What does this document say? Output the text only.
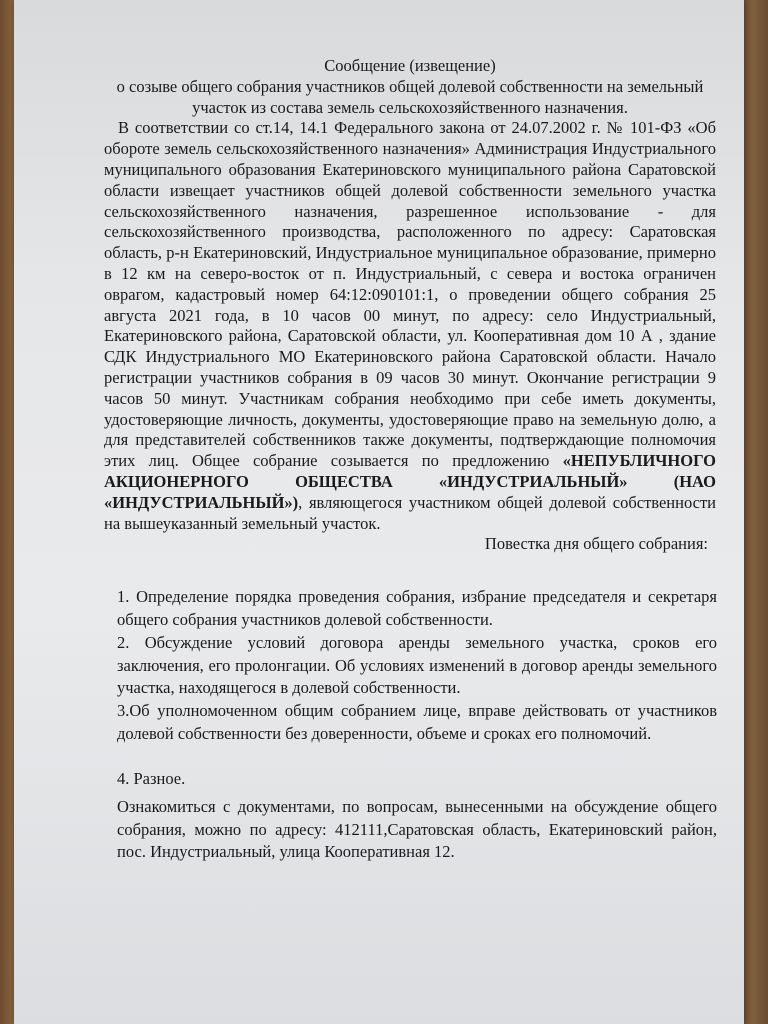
Сообщение (извещение)

о созыве общего собрания участников общей долевой собственности на земельный участок из состава земель сельскохозяйственного назначения.

В соответствии со ст.14, 14.1 Федерального закона от 24.07.2002 г. № 101-ФЗ «Об обороте земель сельскохозяйственного назначения» Администрация Индустриального муниципального образования Екатериновского муниципального района Саратовской области извещает участников общей долевой собственности земельного участка сельскохозяйственного назначения, разрешенное использование - для сельскохозяйственного производства, расположенного по адресу: Саратовская область, р-н Екатериновский, Индустриальное муниципальное образование, примерно в 12 км на северо-восток от п. Индустриальный, с севера и востока ограничен оврагом, кадастровый номер 64:12:090101:1, о проведении общего собрания 25 августа 2021 года, в 10 часов 00 минут, по адресу: село Индустриальный, Екатериновского района, Саратовской области, ул. Кооперативная дом 10 А , здание СДК Индустриального МО Екатериновского района Саратовской области. Начало регистрации участников собрания в 09 часов 30 минут. Окончание регистрации 9 часов 50 минут. Участникам собрания необходимо при себе иметь документы, удостоверяющие личность, документы, удостоверяющие право на земельную долю, а для представителей собственников также документы, подтверждающие полномочия этих лиц. Общее собрание созывается по предложению «НЕПУБЛИЧНОГО АКЦИОНЕРНОГО ОБЩЕСТВА «ИНДУСТРИАЛЬНЫЙ» (НАО «ИНДУСТРИАЛЬНЫЙ»), являющегося участником общей долевой собственности на вышеуказанный земельный участок.

Повестка дня общего собрания:

1. Определение порядка проведения собрания, избрание председателя и секретаря общего собрания участников долевой собственности.
2. Обсуждение условий договора аренды земельного участка, сроков его заключения, его пролонгации. Об условиях изменений в договор аренды земельного участка, находящегося в долевой собственности.
3.Об уполномоченном общим собранием лице, вправе действовать от участников долевой собственности без доверенности, объеме и сроках его полномочий.
4. Разное.
Ознакомиться с документами, по вопросам, вынесенными на обсуждение общего собрания, можно по адресу: 412111,Саратовская область, Екатериновский район, пос. Индустриальный, улица Кооперативная 12.
